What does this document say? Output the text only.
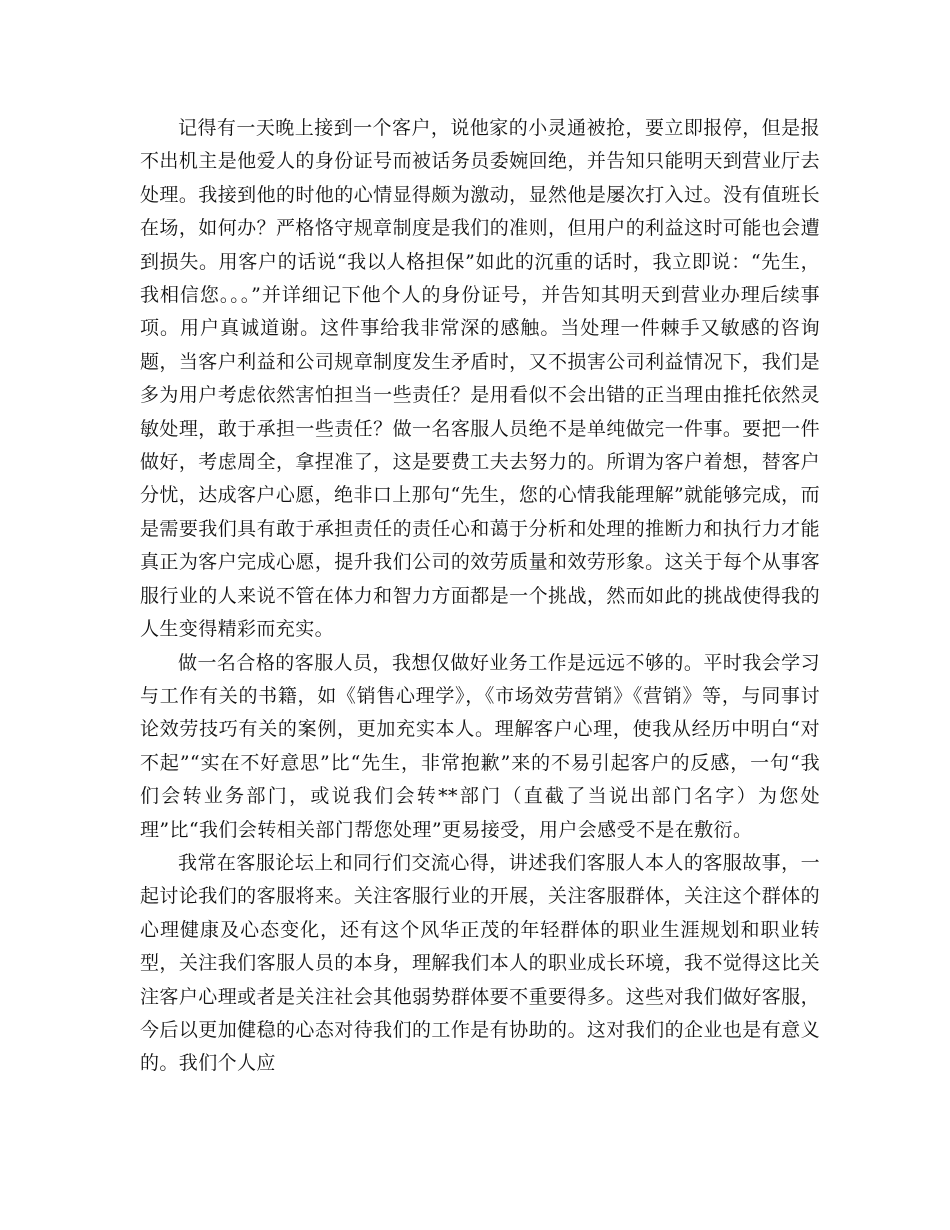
记得有一天晚上接到一个客户，说他家的小灵通被抢，要立即报停，但是报不出机主是他爱人的身份证号而被话务员委婉回绝，并告知只能明天到营业厅去处理。我接到他的时他的心情显得颇为激动，显然他是屡次打入过。没有值班长在场，如何办？严格恪守规章制度是我们的准则，但用户的利益这时可能也会遭到损失。用客户的话说“我以人格担保”如此的沉重的话时，我立即说：“先生，我相信您。。。”并详细记下他个人的身份证号，并告知其明天到营业办理后续事项。用户真诚道谢。这件事给我非常深的感触。当处理一件棘手又敏感的咨询题，当客户利益和公司规章制度发生矛盾时，又不损害公司利益情况下，我们是多为用户考虑依然害怕担当一些责任？是用看似不会出错的正当理由推托依然灵敏处理，敢于承担一些责任？做一名客服人员绝不是单纯做完一件事。要把一件做好，考虑周全，拿捏准了，这是要费工夫去努力的。所谓为客户着想，替客户分忧，达成客户心愿，绝非口上那句“先生，您的心情我能理解”就能够完成，而是需要我们具有敢于承担责任的责任心和蔼于分析和处理的推断力和执行力才能真正为客户完成心愿，提升我们公司的效劳质量和效劳形象。这关于每个从事客服行业的人来说不管在体力和智力方面都是一个挑战，然而如此的挑战使得我的人生变得精彩而充实。

做一名合格的客服人员，我想仅做好业务工作是远远不够的。平时我会学习与工作有关的书籍，如《销售心理学》，《市场效劳营销》《营销》等，与同事讨论效劳技巧有关的案例，更加充实本人。理解客户心理，使我从经历中明白“对不起”“实在不好意思”比“先生，非常抱歉”来的不易引起客户的反感，一句“我们会转业务部门，或说我们会转**部门（直截了当说出部门名字）为您处理”比“我们会转相关部门帮您处理”更易接受，用户会感受不是在敷衍。

我常在客服论坛上和同行们交流心得，讲述我们客服人本人的客服故事，一起讨论我们的客服将来。关注客服行业的开展，关注客服群体，关注这个群体的心理健康及心态变化，还有这个风华正茂的年轻群体的职业生涯规划和职业转型，关注我们客服人员的本身，理解我们本人的职业成长环境，我不觉得这比关注客户心理或者是关注社会其他弱势群体要不重要得多。这些对我们做好客服，今后以更加健稳的心态对待我们的工作是有协助的。这对我们的企业也是有意义的。我们个人应
